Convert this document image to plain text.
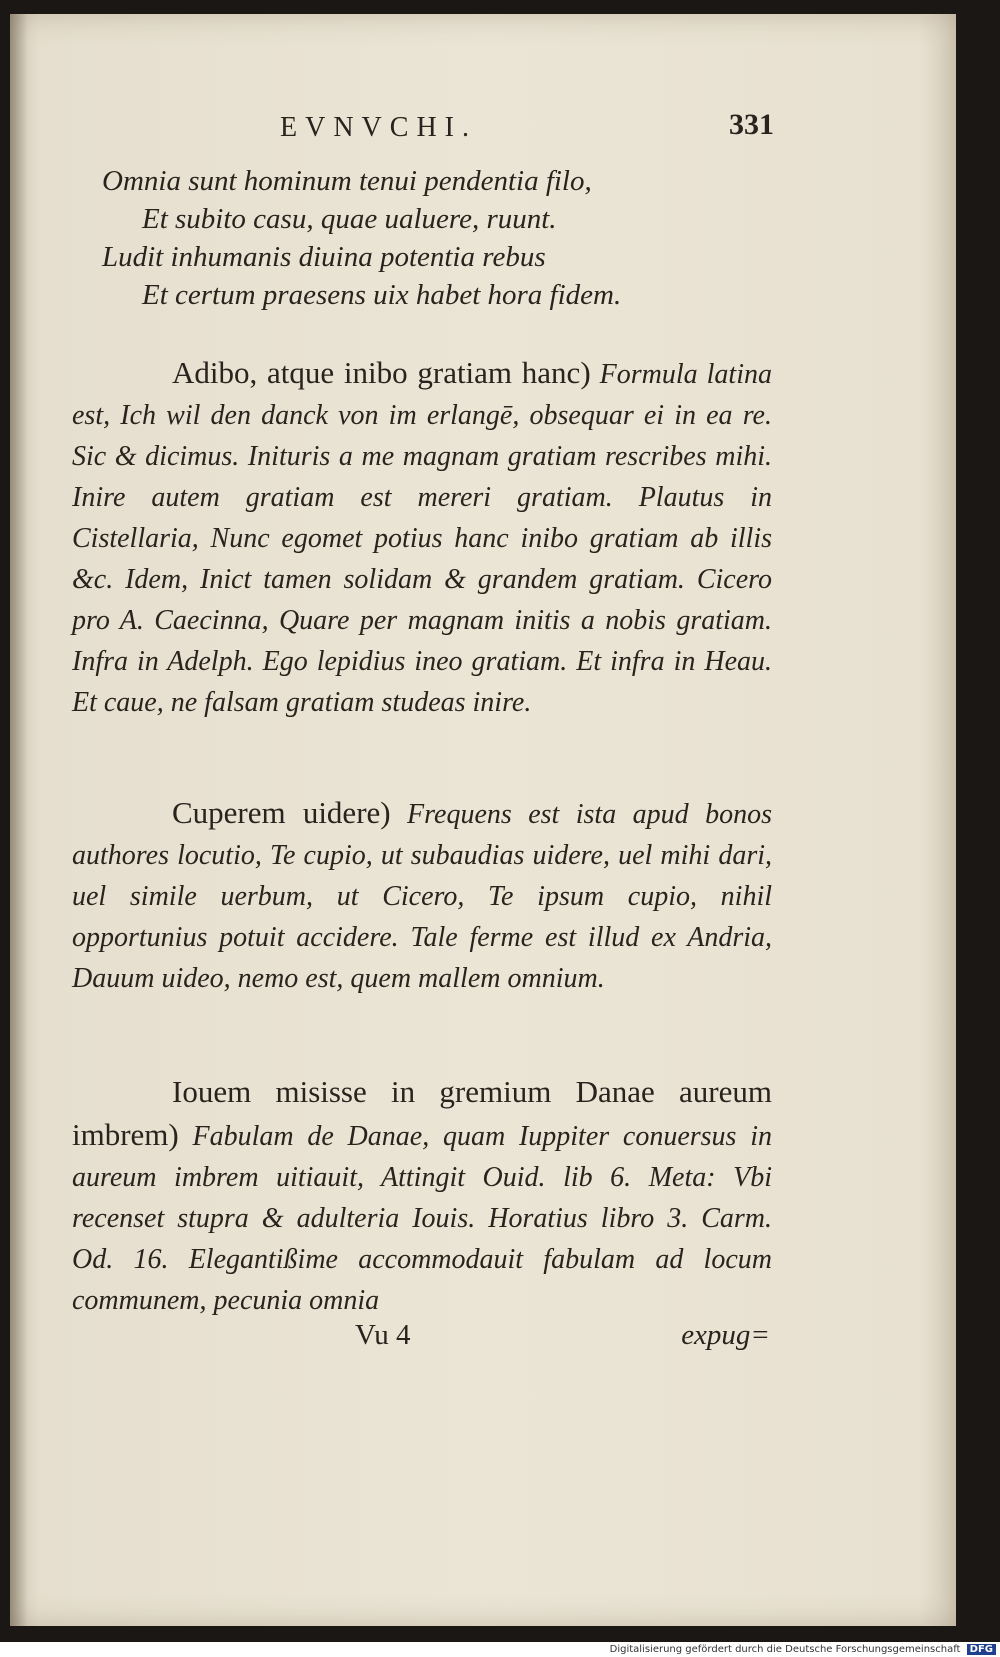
EVNVCHI.	331
Omnia sunt hominum tenui pendentia filo,
Et subito casu, quae ualuere, ruunt.
Ludit inhumanis diuina potentia rebus
Et certum praesens uix habet hora fidem.
Adibo, atque inibo gratiam hanc) Formula latina est, Ich wil den danck von im erlangē, obsequar ei in ea re. Sic & dicimus. Inituris a me magnam gratiam rescribes mihi. Inire autem gratiam est mereri gratiam. Plautus in Cistellaria, Nunc egomet potius hanc inibo gratiam ab illis &c. Idem, Inict tamen solidam & grandem gratiam. Cicero pro A. Caecinna, Quare per magnam initis a nobis gratiam. Infra in Adelph. Ego lepidius ineo gratiam. Et infra in Heau. Et caue, ne falsam gratiam studeas inire.
Cuperem uidere) Frequens est ista apud bonos authores locutio, Te cupio, ut subaudias uidere, uel mihi dari, uel simile uerbum, ut Cicero, Te ipsum cupio, nihil opportunius potuit accidere. Tale ferme est illud ex Andria, Dauum uideo, nemo est, quem mallem omnium.
Iouem misisse in gremium Danae aureum imbrem) Fabulam de Danae, quam Iuppiter conuersus in aureum imbrem uitiauit, Attingit Ouid. lib 6. Meta: Vbi recenset stupra & adulteria Iouis. Horatius libro 3. Carm. Od. 16. Elegantißime accommodauit fabulam ad locum communem, pecunia omnia
Vu 4	expug=
Digitalisierung gefördert durch die Deutsche Forschungsgemeinschaft DFG
